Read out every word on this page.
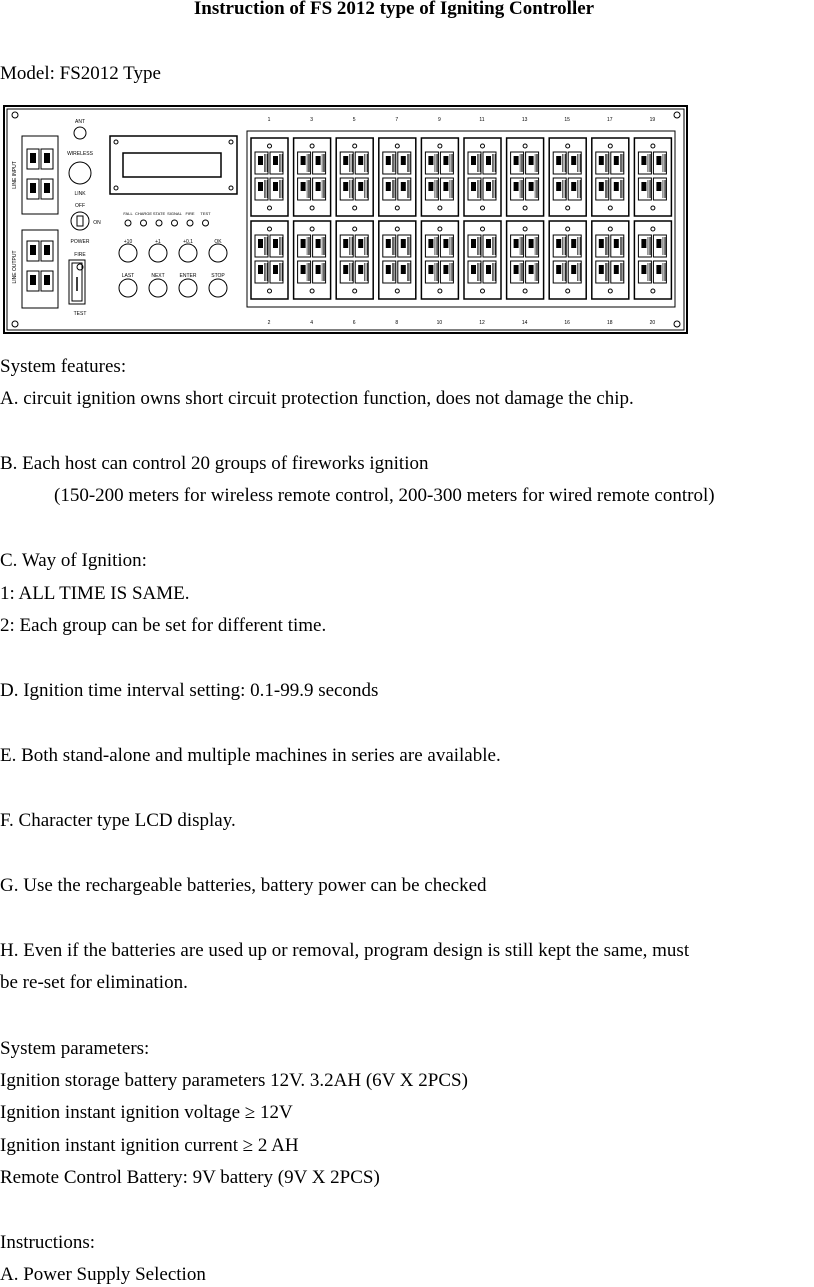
Instruction of FS 2012 type of Igniting Controller
Model: FS2012 Type
LINE INPUT
LINE OUTPUT
ANT
WIRELESS
LINK
OFF
ON
POWER
FIRE
TEST
FALL CHARGE STATE SIGNAL FIRE TEST
+10	+1	+0.1	OK
LAST	NEXT	ENTER	STOP
1	3	5	7	9	11	13	15	17	19
2	4	6	8	10	12	14	16	18	20
System features:
A. circuit ignition owns short circuit protection function, does not damage the chip.
B. Each host can control 20 groups of fireworks ignition
(150-200 meters for wireless remote control, 200-300 meters for wired remote control)
C. Way of Ignition:
1: ALL TIME IS SAME.
2: Each group can be set for different time.
D. Ignition time interval setting: 0.1-99.9 seconds
E. Both stand-alone and multiple machines in series are available.
F. Character type LCD display.
G. Use the rechargeable batteries, battery power can be checked
H. Even if the batteries are used up or removal, program design is still kept the same, must
be re-set for elimination.
System parameters:
Ignition storage battery parameters 12V. 3.2AH (6V X 2PCS)
Ignition instant ignition voltage ≥ 12V
Ignition instant ignition current ≥ 2 AH
Remote Control Battery: 9V battery (9V X 2PCS)
Instructions:
A. Power Supply Selection
